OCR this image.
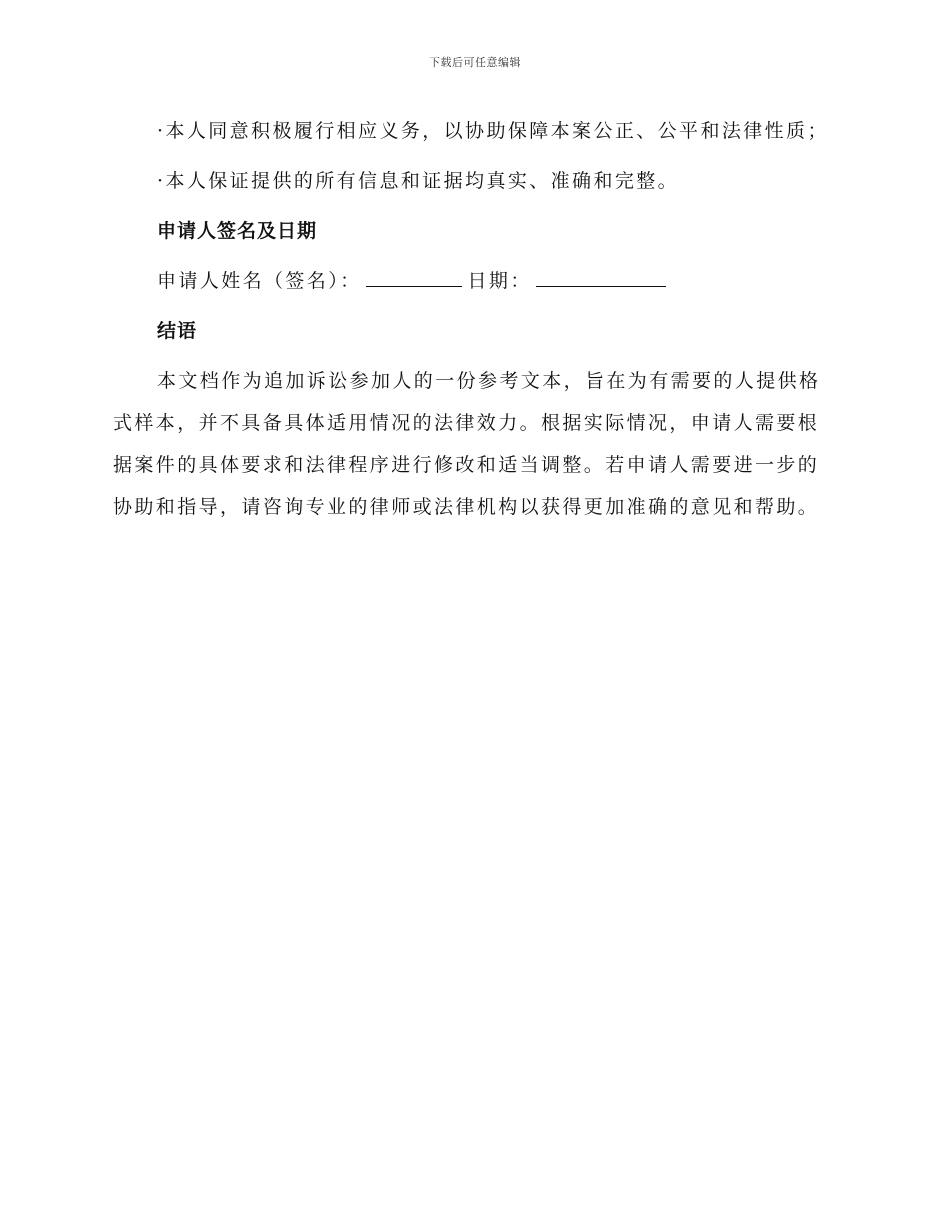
下载后可任意编辑

·本人同意积极履行相应义务，以协助保障本案公正、公平和法律性质；

·本人保证提供的所有信息和证据均真实、准确和完整。

申请人签名及日期
申请人姓名（签名）：	日期：
结语

本文档作为追加诉讼参加人的一份参考文本，旨在为有需要的人提供格式样本，并不具备具体适用情况的法律效力。根据实际情况，申请人需要根据案件的具体要求和法律程序进行修改和适当调整。若申请人需要进一步的协助和指导，请咨询专业的律师或法律机构以获得更加准确的意见和帮助。
